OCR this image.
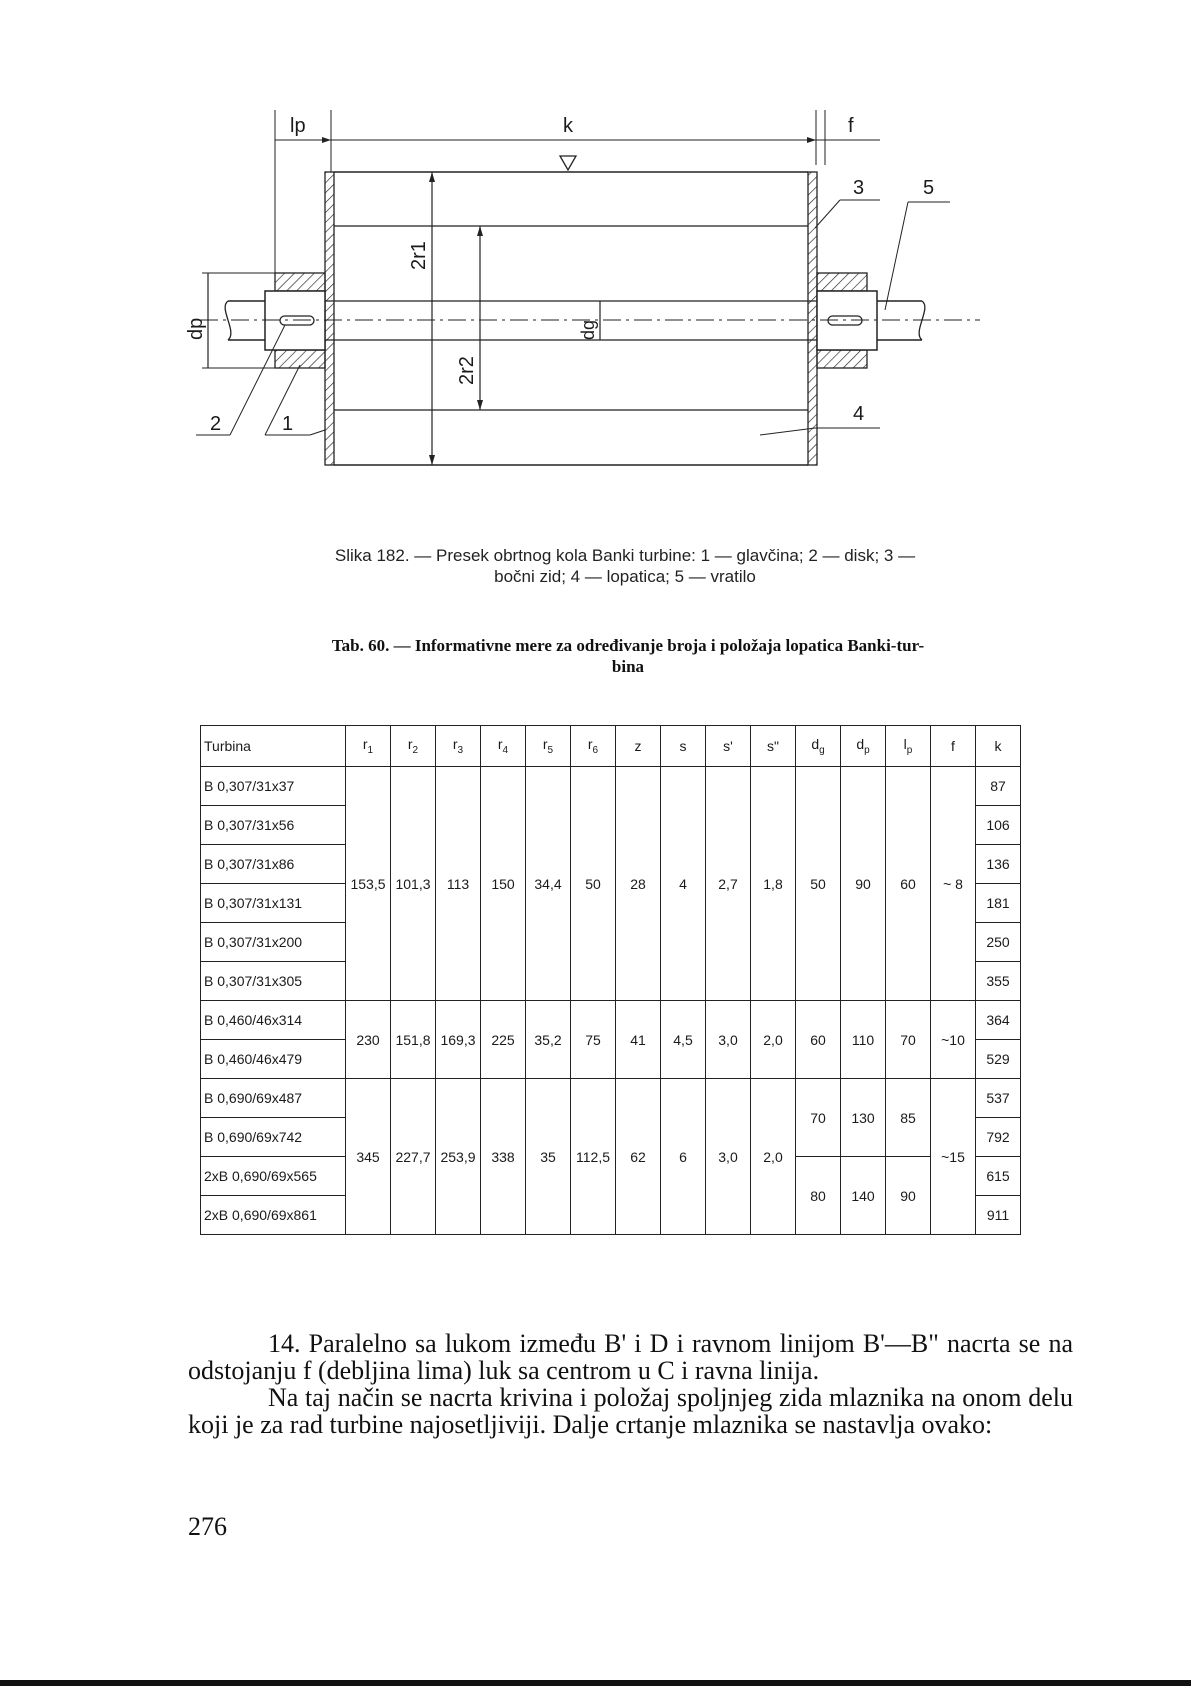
lp	k	f
2r1
2r2
dg
dp
2	1
3	5
4
Slika 182. — Presek obrtnog kola Banki turbine: 1 — glavčina; 2 — disk; 3 —
bočni zid; 4 — lopatica; 5 — vratilo
Tab. 60. — Informativne mere za određivanje broja i položaja lopatica Banki-tur-
bina
Turbina	$r_1$	$r_2$	$r_3$	$r_4$	$r_5$	$r_6$	z	s	s'	s"	$d_g$	$d_p$	$l_p$	f	k
B 0,307/31x37	153,5	101,3	113	150	34,4	50	28	4	2,7	1,8	50	90	60	~ 8	87
B 0,307/31x56															106
B 0,307/31x86															136
B 0,307/31x131															181
B 0,307/31x200															250
B 0,307/31x305															355
B 0,460/46x314	230	151,8	169,3	225	35,2	75	41	4,5	3,0	2,0	60	110	70	~10	364
B 0,460/46x479															529
B 0,690/69x487	345	227,7	253,9	338	35	112,5	62	6	3,0	2,0	70	130	85	~15	537
B 0,690/69x742															792
2xB 0,690/69x565											80	140	90		615
2xB 0,690/69x861															911

14. Paralelno sa lukom između B' i D i ravnom linijom B'—B" nacrta se na odstojanju f (debljina lima) luk sa centrom u C i ravna linija.

Na taj način se nacrta krivina i položaj spoljnjeg zida mlaznika na onom delu koji je za rad turbine najosetljiviji. Dalje crtanje mlaznika se nastavlja ovako:

276
